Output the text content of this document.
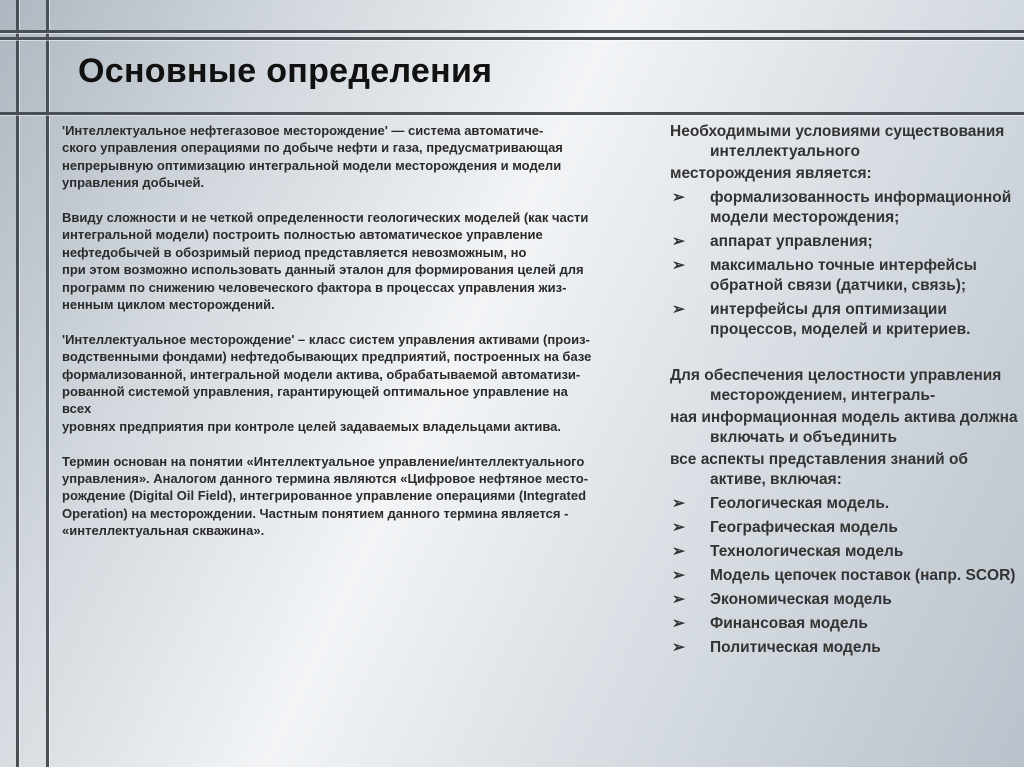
Основные определения

'Интеллектуальное нефтегазовое месторождение' — система автоматиче-
ского управления операциями по добыче нефти и газа, предусматривающая
непрерывную оптимизацию интегральной модели месторождения и модели
управления добычей.

Ввиду сложности и не четкой определенности геологических моделей (как части
интегральной модели) построить полностью автоматическое управление
нефтедобычей в обозримый период представляется невозможным, но
при этом возможно использовать данный эталон для формирования целей для
программ по снижению человеческого фактора в процессах управления жиз-
ненным циклом месторождений.

'Интеллектуальное месторождение' – класс систем управления активами (произ-
водственными фондами) нефтедобывающих предприятий, построенных на базе
формализованной, интегральной модели актива, обрабатываемой автоматизи-
рованной системой управления, гарантирующей оптимальное управление на
всех
уровнях предприятия при контроле целей задаваемых владельцами актива.

Термин основан на понятии «Интеллектуальное управление/интеллектуального
управления». Аналогом данного термина являются «Цифровое нефтяное место-
рождение (Digital Oil Field), интегрированное управление операциями (Integrated
Operation) на месторождении. Частным понятием данного термина является -
«интеллектуальная скважина».

Необходимыми условиями существования интеллектуального
месторождения является:
➢ формализованность информационной модели месторождения;
➢ аппарат управления;
➢ максимально точные интерфейсы обратной связи (датчики, связь);
➢ интерфейсы для оптимизации процессов, моделей и критериев.
Для обеспечения целостности управления месторождением, интеграль-
ная информационная модель актива должна включать и объединить
все аспекты представления знаний об активе, включая:
➢ Геологическая модель.
➢ Географическая модель
➢ Технологическая модель
➢ Модель цепочек поставок (напр. SCOR)
➢ Экономическая модель
➢ Финансовая модель
➢ Политическая модель
